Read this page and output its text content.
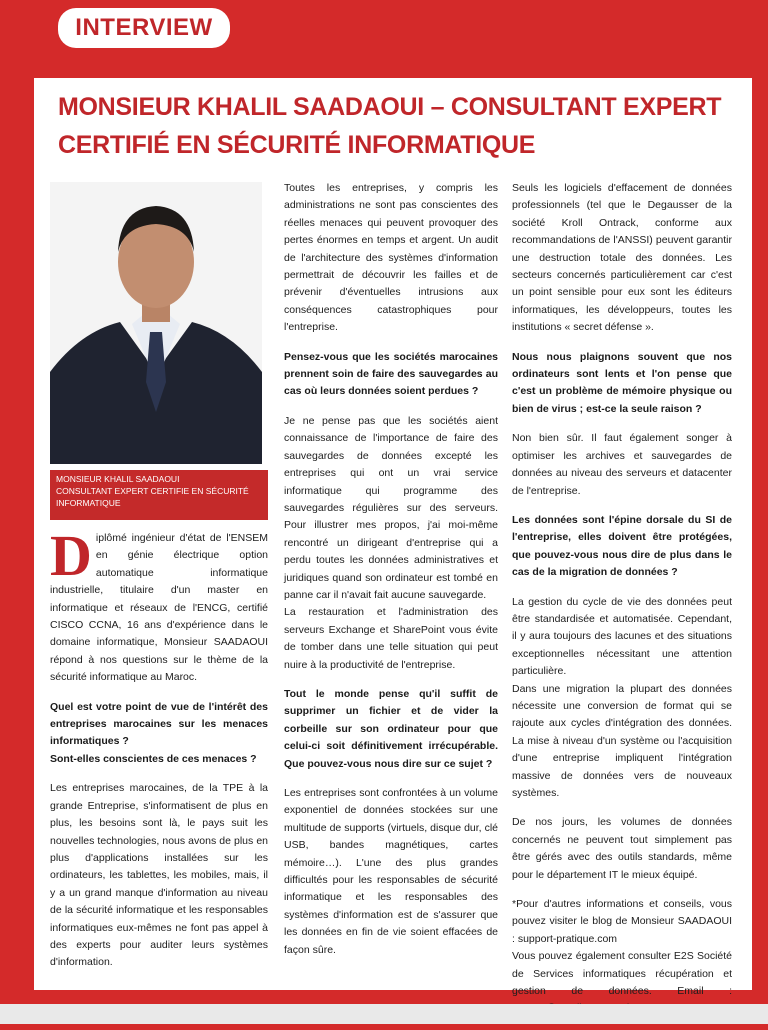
INTERVIEW
MONSIEUR KHALIL SAADAOUI – CONSULTANT EXPERT
CERTIFIÉ EN SÉCURITÉ INFORMATIQUE
MONSIEUR KHALIL SAADAOUI
CONSULTANT EXPERT CERTIFIE EN SÉCURITÉ INFORMATIQUE

Diplômé ingénieur d'état de l'ENSEM en génie électrique option automatique informatique industrielle, titulaire d'un master en informatique et réseaux de l'ENCG, certifié CISCO CCNA, 16 ans d'expérience dans le domaine informatique, Monsieur SAADAOUI répond à nos questions sur le thème de la sécurité informatique au Maroc.

Quel est votre point de vue de l'intérêt des entreprises marocaines sur les menaces informatiques ?

Sont-elles conscientes de ces menaces ?

Les entreprises marocaines, de la TPE à la grande Entreprise, s'informatisent de plus en plus, les besoins sont là, le pays suit les nouvelles technologies, nous avons de plus en plus d'applications installées sur les ordinateurs, les tablettes, les mobiles, mais, il y a un grand manque d'information au niveau de la sécurité informatique et les responsables informatiques eux-mêmes ne font pas appel à des experts pour auditer leurs systèmes d'information.

Toutes les entreprises, y compris les administrations ne sont pas conscientes des réelles menaces qui peuvent provoquer des pertes énormes en temps et argent. Un audit de l'architecture des systèmes d'information permettrait de découvrir les failles et de prévenir d'éventuelles intrusions aux conséquences catastrophiques pour l'entreprise.

Pensez-vous que les sociétés marocaines prennent soin de faire des sauvegardes au cas où leurs données soient perdues ?

Je ne pense pas que les sociétés aient connaissance de l'importance de faire des sauvegardes de données excepté les entreprises qui ont un vrai service informatique qui programme des sauvegardes régulières sur des serveurs. Pour illustrer mes propos, j'ai moi-même rencontré un dirigeant d'entreprise qui a perdu toutes les données administratives et juridiques quand son ordinateur est tombé en panne car il n'avait fait aucune sauvegarde.

La restauration et l'administration des serveurs Exchange et SharePoint vous évite de tomber dans une telle situation qui peut nuire à la productivité de l'entreprise.

Tout le monde pense qu'il suffit de supprimer un fichier et de vider la corbeille sur son ordinateur pour que celui-ci soit définitivement irrécupérable. Que pouvez-vous nous dire sur ce sujet ?

Les entreprises sont confrontées à un volume exponentiel de données stockées sur une multitude de supports (virtuels, disque dur, clé USB, bandes magnétiques, cartes mémoire…). L'une des plus grandes difficultés pour les responsables de sécurité informatique et les responsables des systèmes d'information est de s'assurer que les données en fin de vie soient effacées de façon sûre.

Seuls les logiciels d'effacement de données professionnels (tel que le Degausser de la société Kroll Ontrack, conforme aux recommandations de l'ANSSI) peuvent garantir une destruction totale des données. Les secteurs concernés particulièrement car c'est un point sensible pour eux sont les éditeurs informatiques, les développeurs, toutes les institutions « secret défense ».

Nous nous plaignons souvent que nos ordinateurs sont lents et l'on pense que c'est un problème de mémoire physique ou bien de virus ; est-ce la seule raison ?

Non bien sûr. Il faut également songer à optimiser les archives et sauvegardes de données au niveau des serveurs et datacenter de l'entreprise.

Les données sont l'épine dorsale du SI de l'entreprise, elles doivent être protégées, que pouvez-vous nous dire de plus dans le cas de la migration de données ?

La gestion du cycle de vie des données peut être standardisée et automatisée. Cependant, il y aura toujours des lacunes et des situations exceptionnelles nécessitant une attention particulière.

Dans une migration la plupart des données nécessite une conversion de format qui se rajoute aux cycles d'intégration des données. La mise à niveau d'un système ou l'acquisition d'une entreprise impliquent l'intégration massive de données vers de nouveaux systèmes.

De nos jours, les volumes de données concernés ne peuvent tout simplement pas être gérés avec des outils standards, même pour le département IT le mieux équipé.

*Pour d'autres informations et conseils, vous pouvez visiter le blog de Monsieur SAADAOUI : support-pratique.com

Vous pouvez également consulter E2S Société de Services informatiques récupération et gestion de données. Email :
